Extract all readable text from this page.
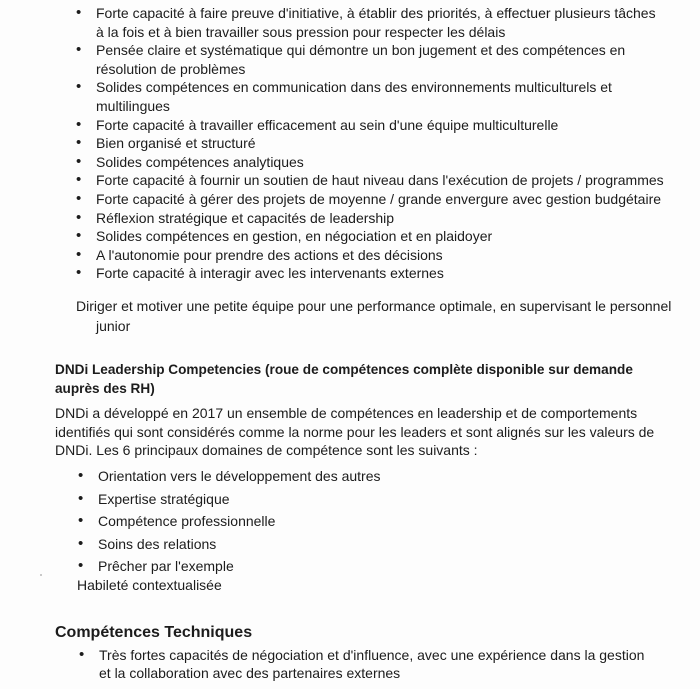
• Forte capacité à faire preuve d'initiative, à établir des priorités, à effectuer plusieurs tâches à la fois et à bien travailler sous pression pour respecter les délais
• Pensée claire et systématique qui démontre un bon jugement et des compétences en résolution de problèmes
• Solides compétences en communication dans des environnements multiculturels et multilingues
• Forte capacité à travailler efficacement au sein d'une équipe multiculturelle
• Bien organisé et structuré
• Solides compétences analytiques
• Forte capacité à fournir un soutien de haut niveau dans l'exécution de projets / programmes
• Forte capacité à gérer des projets de moyenne / grande envergure avec gestion budgétaire
• Réflexion stratégique et capacités de leadership
• Solides compétences en gestion, en négociation et en plaidoyer
• A l'autonomie pour prendre des actions et des décisions
• Forte capacité à interagir avec les intervenants externes
Diriger et motiver une petite équipe pour une performance optimale, en supervisant le personnel
junior
DNDi Leadership Competencies (roue de compétences complète disponible sur demande auprès des RH)
DNDi a développé en 2017 un ensemble de compétences en leadership et de comportements identifiés qui sont considérés comme la norme pour les leaders et sont alignés sur les valeurs de DNDi. Les 6 principaux domaines de compétence sont les suivants :
• Orientation vers le développement des autres
• Expertise stratégique
• Compétence professionnelle
• Soins des relations
• Prêcher par l'exemple
Habileté contextualisée
Compétences Techniques
• Très fortes capacités de négociation et d'influence, avec une expérience dans la gestion et la collaboration avec des partenaires externes
